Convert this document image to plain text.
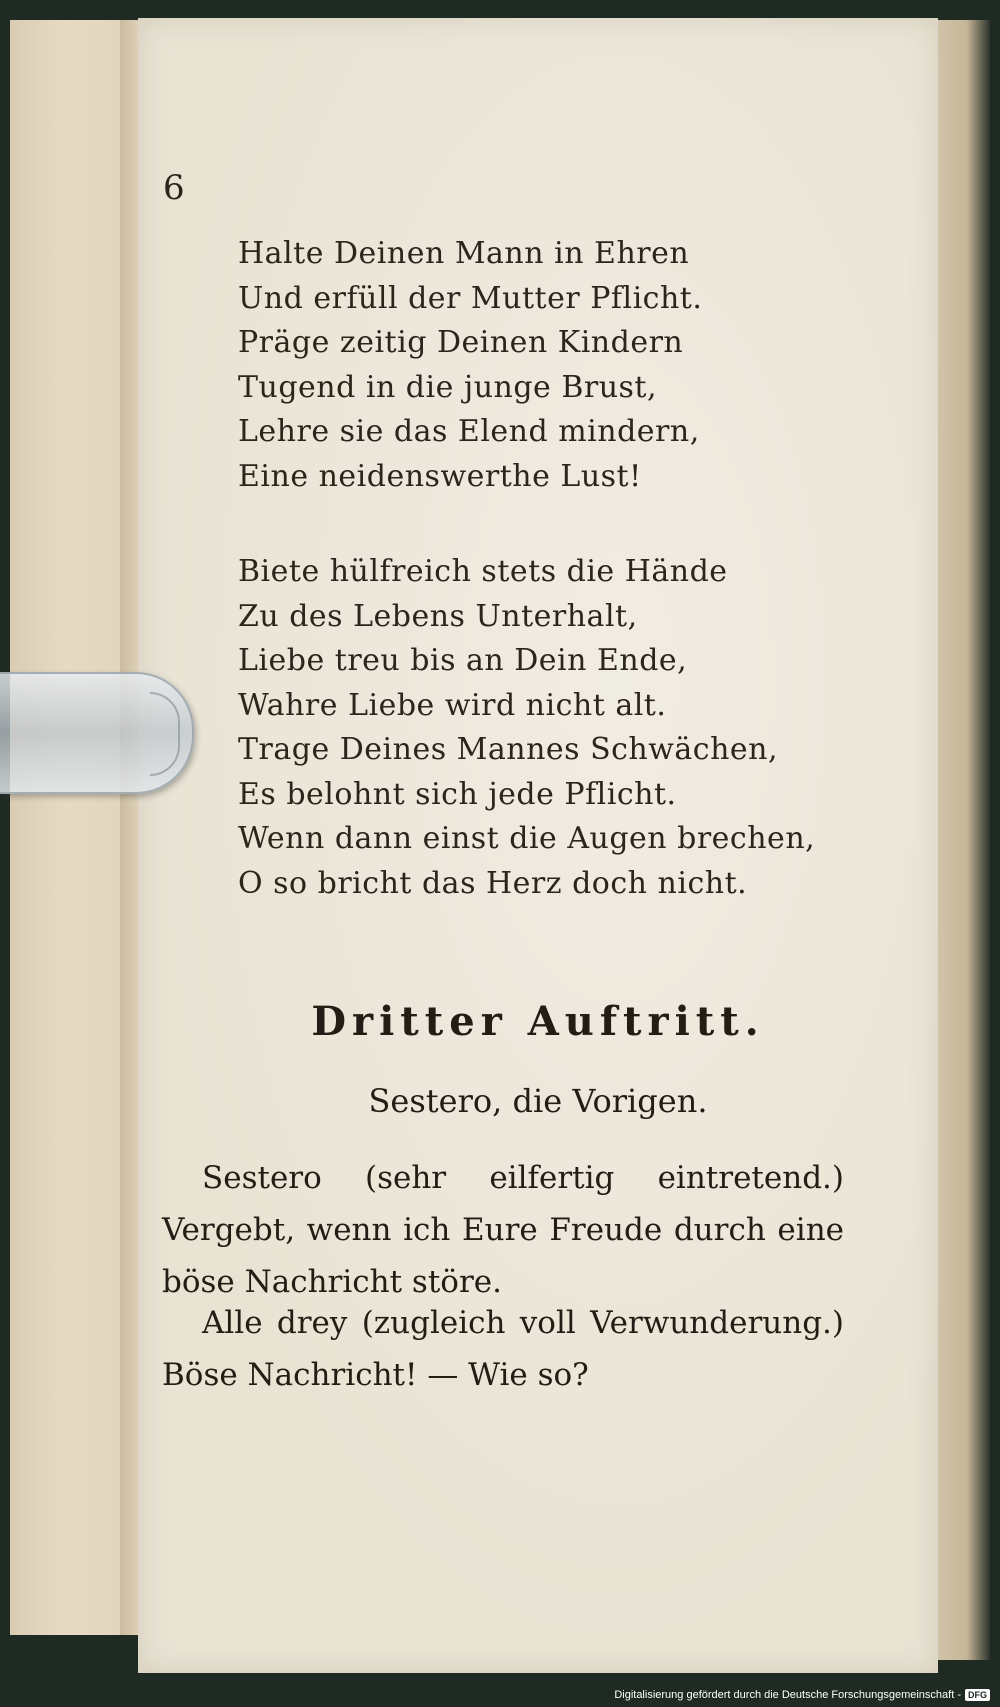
6
Halte Deinen Mann in Ehren
Und erfüll der Mutter Pflicht.
Präge zeitig Deinen Kindern
Tugend in die junge Brust,
Lehre sie das Elend mindern,
Eine neidenswerthe Lust!
Biete hülfreich stets die Hände
Zu des Lebens Unterhalt,
Liebe treu bis an Dein Ende,
Wahre Liebe wird nicht alt.
Trage Deines Mannes Schwächen,
Es belohnt sich jede Pflicht.
Wenn dann einst die Augen brechen,
O so bricht das Herz doch nicht.
Dritter Auftritt.
Sestero, die Vorigen.
Sestero (sehr eilfertig eintretend.) Vergebt, wenn ich Eure Freude durch eine böse Nachricht störe.
Alle drey (zugleich voll Verwunderung.) Böse Nachricht! — Wie so?
Digitalisierung gefördert durch die Deutsche Forschungsgemeinschaft - DFG
